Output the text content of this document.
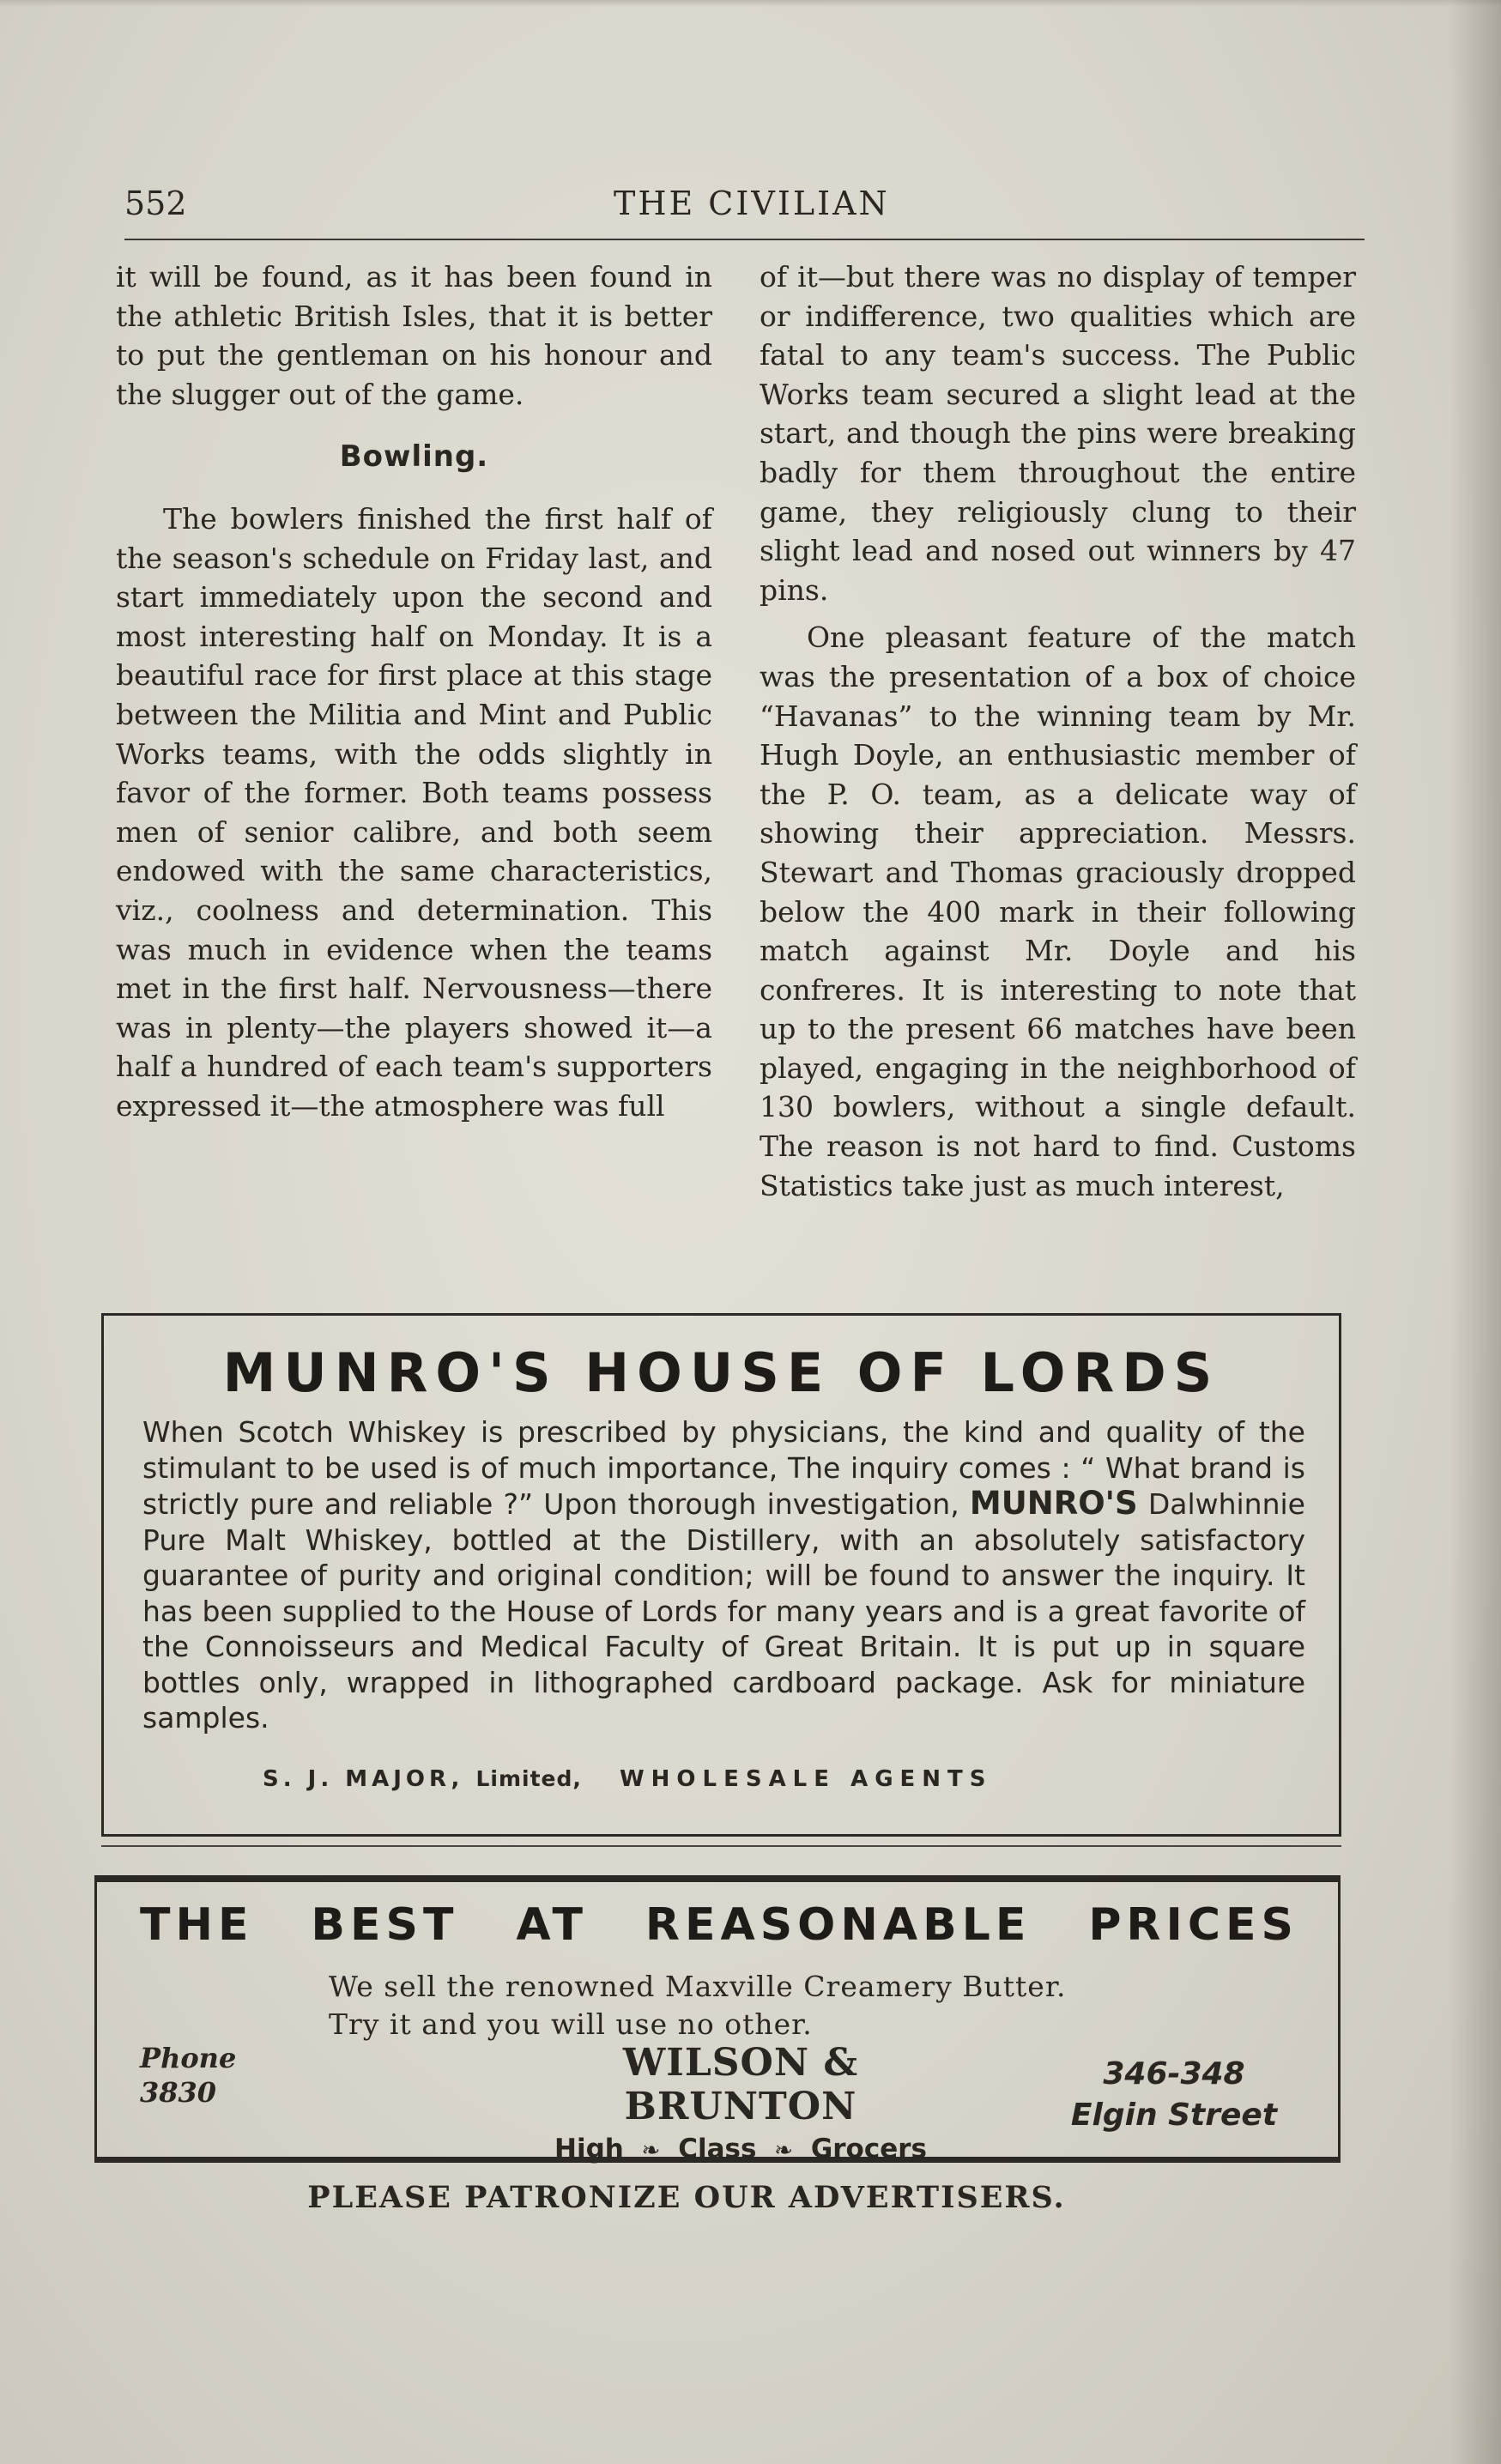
552	THE CIVILIAN

it will be found, as it has been found in the athletic British Isles, that it is better to put the gentleman on his honour and the slugger out of the game.

Bowling.

The bowlers finished the first half of the season's schedule on Friday last, and start immediately upon the second and most interesting half on Monday. It is a beautiful race for first place at this stage between the Militia and Mint and Public Works teams, with the odds slightly in favor of the former. Both teams possess men of senior calibre, and both seem endowed with the same characteristics, viz., coolness and determination. This was much in evidence when the teams met in the first half. Nervousness—there was in plenty—the players showed it—a half a hundred of each team's supporters expressed it—the atmosphere was full

of it—but there was no display of temper or indifference, two qualities which are fatal to any team's success. The Public Works team secured a slight lead at the start, and though the pins were breaking badly for them throughout the entire game, they religiously clung to their slight lead and nosed out winners by 47 pins.

One pleasant feature of the match was the presentation of a box of choice “Havanas” to the winning team by Mr. Hugh Doyle, an enthusiastic member of the P. O. team, as a delicate way of showing their appreciation. Messrs. Stewart and Thomas graciously dropped below the 400 mark in their following match against Mr. Doyle and his confreres. It is interesting to note that up to the present 66 matches have been played, engaging in the neighborhood of 130 bowlers, without a single default. The reason is not hard to find. Customs Statistics take just as much interest,

MUNRO'S HOUSE OF LORDS
When Scotch Whiskey is prescribed by physicians, the kind and quality of the stimulant to be used is of much importance, The inquiry comes : “ What brand is strictly pure and reliable ?” Upon thorough investigation, MUNRO'S Dalwhinnie Pure Malt Whiskey, bottled at the Distillery, with an absolutely satisfactory guarantee of purity and original condition; will be found to answer the inquiry. It has been supplied to the House of Lords for many years and is a great favorite of the Connoisseurs and Medical Faculty of Great Britain. It is put up in square bottles only, wrapped in lithographed cardboard package. Ask for miniature samples.
S. J. MAJOR, Limited, WHOLESALE AGENTS
THE BEST AT REASONABLE PRICES
We sell the renowned Maxville Creamery Butter.
Try it and you will use no other.
Phone
3830
WILSON & BRUNTON
High ❧ Class ❧ Grocers
346-348
Elgin Street
PLEASE PATRONIZE OUR ADVERTISERS.
